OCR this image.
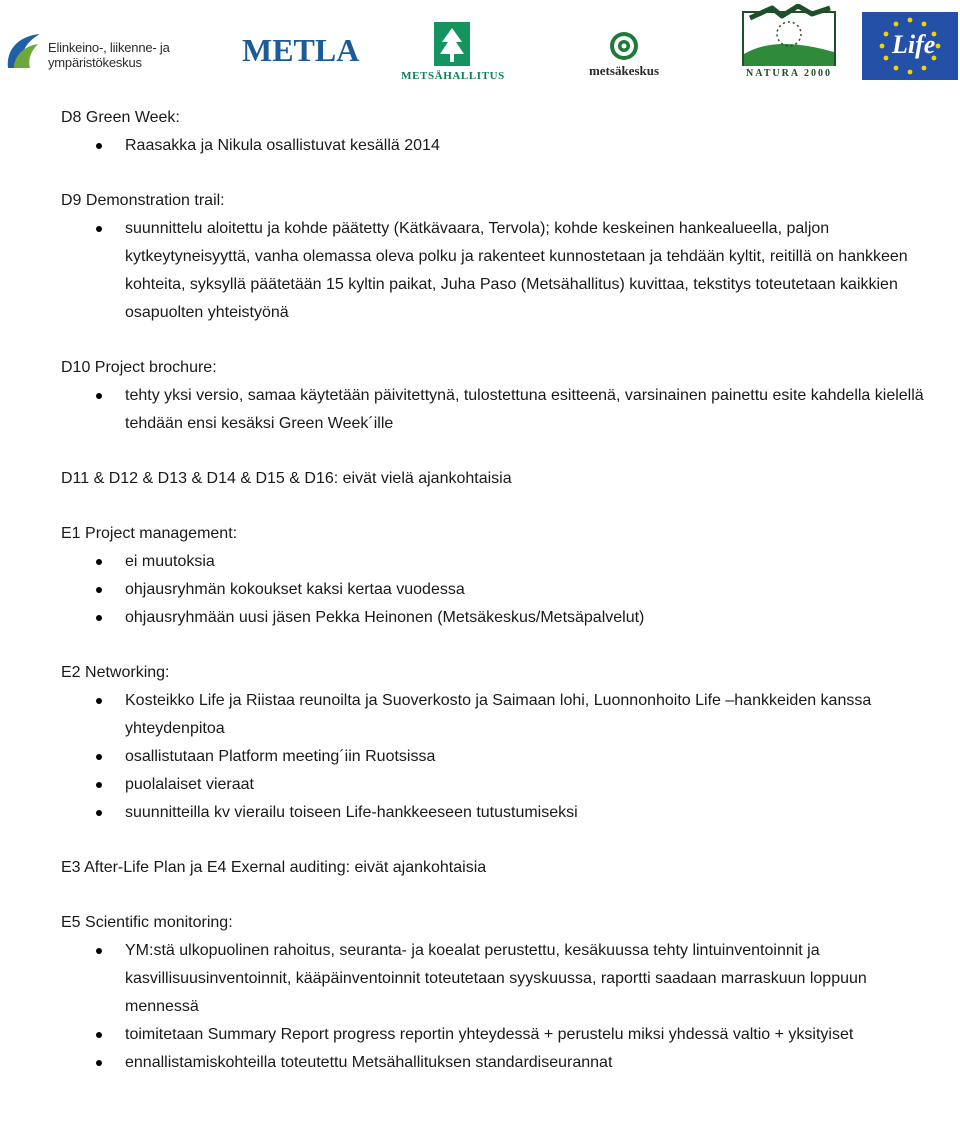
Elinkeino-, liikenne- ja
ympäristökeskus	METLA
METSÄHALLITUS	metsäkeskus	NATURA 2000
Life

D8 Green Week:

Raasakka ja Nikula osallistuvat kesällä 2014

D9 Demonstration trail:

suunnittelu aloitettu ja kohde päätetty (Kätkävaara, Tervola); kohde keskeinen hankealueella, paljon kytkeytyneisyyttä, vanha olemassa oleva polku ja rakenteet kunnostetaan ja tehdään kyltit, reitillä on hankkeen kohteita, syksyllä päätetään 15 kyltin paikat, Juha Paso (Metsähallitus) kuvittaa, tekstitys toteutetaan kaikkien osapuolten yhteistyönä

D10 Project brochure:

tehty yksi versio, samaa käytetään päivitettynä, tulostettuna esitteenä, varsinainen painettu esite kahdella kielellä tehdään ensi kesäksi Green Week´ille

D11 & D12 & D13 & D14 & D15 & D16: eivät vielä ajankohtaisia

E1 Project management:

ei muutoksia
ohjausryhmän kokoukset kaksi kertaa vuodessa
ohjausryhmään uusi jäsen Pekka Heinonen (Metsäkeskus/Metsäpalvelut)

E2 Networking:

Kosteikko Life ja Riistaa reunoilta ja Suoverkosto ja Saimaan lohi, Luonnonhoito Life –hankkeiden kanssa yhteydenpitoa
osallistutaan Platform meeting´iin Ruotsissa
puolalaiset vieraat
suunnitteilla kv vierailu toiseen Life-hankkeeseen tutustumiseksi

E3 After-Life Plan ja E4 Exernal auditing: eivät ajankohtaisia

E5 Scientific monitoring:

YM:stä ulkopuolinen rahoitus, seuranta- ja koealat perustettu, kesäkuussa tehty lintuinventoinnit ja kasvillisuusinventoinnit, kääpäinventoinnit toteutetaan syyskuussa, raportti saadaan marraskuun loppuun mennessä
toimitetaan Summary Report progress reportin yhteydessä + perustelu miksi yhdessä valtio + yksityiset
ennallistamiskohteilla toteutettu Metsähallituksen standardiseurannat
